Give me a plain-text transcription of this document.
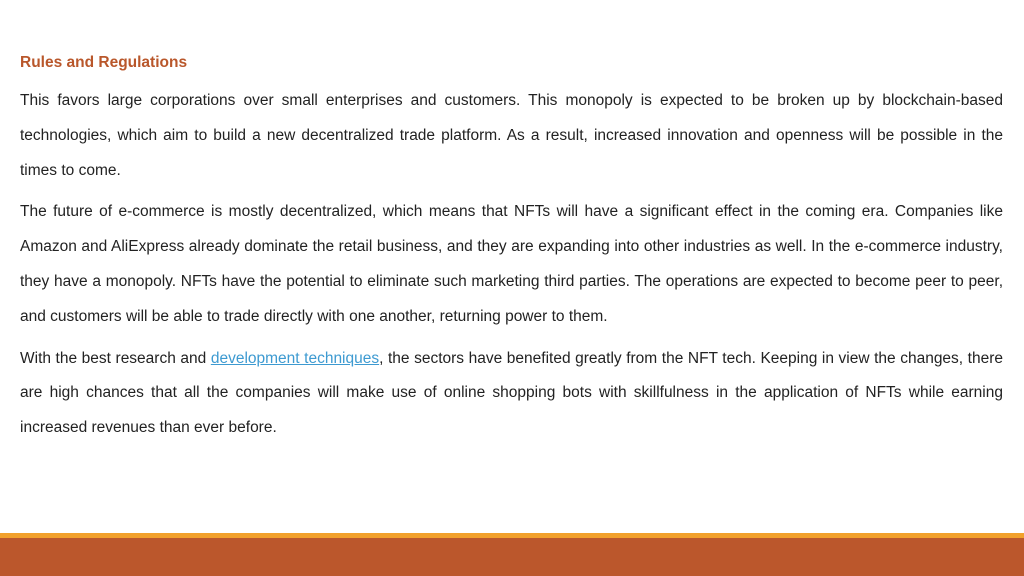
Rules and Regulations

This favors large corporations over small enterprises and customers. This monopoly is expected to be broken up by blockchain-based technologies, which aim to build a new decentralized trade platform. As a result, increased innovation and openness will be possible in the times to come.

The future of e-commerce is mostly decentralized, which means that NFTs will have a significant effect in the coming era. Companies like Amazon and AliExpress already dominate the retail business, and they are expanding into other industries as well. In the e-commerce industry, they have a monopoly. NFTs have the potential to eliminate such marketing third parties. The operations are expected to become peer to peer, and customers will be able to trade directly with one another, returning power to them.

With the best research and development techniques, the sectors have benefited greatly from the NFT tech. Keeping in view the changes, there are high chances that all the companies will make use of online shopping bots with skillfulness in the application of NFTs while earning increased revenues than ever before.
